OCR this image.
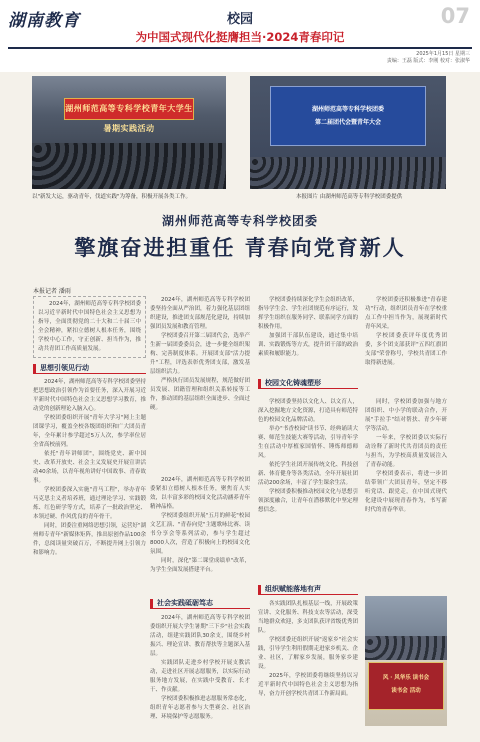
湖南教育	校园
为中国式现代化挺膺担当·2024青春印记
07
2025年1月15日 星期三
责编：王磊 版式：李刚 校对：张淑华
湖州师范高等专科学校青年大学生暑期实践活动
湖州师范高等专科学校团委
第二届团代会暨青年大会
以"新发大运，驱动青年，伐道实践"为筹备，积极开展各类工作。	本报图片 由湖州师范高等专科学校团委提供
湖州师范高等专科学校团委
擎旗奋进担重任 青春向党育新人
本报记者 潘雨

2024年，湖州师范高等专科学校团委以习近平新时代中国特色社会主义思想为指导，全面贯彻党的二十大和二十届三中全会精神，紧扣立德树人根本任务，围绕学校中心工作，守正创新、担当作为，推动共青团工作高质量发展。

思想引领见行动

2024年，湖州师范高等专科学校团委坚持把思想政治引领作为首要任务，深入开展习近平新时代中国特色社会主义思想学习教育，推动党的创新理论入脑入心。

学校团委组织开展"青年大学习"网上主题团课学习，覆盖全校各级团组织和广大团员青年，全年累计参学超过5万人次，参学率位居全省高校前列。

依托"青年讲师团"，围绕党史、新中国史、改革开放史、社会主义发展史开展宣讲活动40余场，以青年视角讲好中国故事、青春故事。

学校团委深入实施"青马工程"，举办青年马克思主义者培养班，通过理论学习、实践锻炼、红色研学等方式，培养了一批政治坚定、本领过硬、作风优良的青年骨干。

同时，团委注重网络思想引领，运营好"湖州师专青年"新媒体矩阵，推出原创作品100余件，总阅读量突破百万，不断提升网上引领力和影响力。

2024年，湖州师范高等专科学校团委坚持全面从严治团，着力强化基层团组织建设，推进团支部规范化建设，持续加强团员发展和教育管理。

学校团委召开第二届团代会，选举产生新一届团委委员会，进一步健全组织架构、完善制度体系。开展团支部"活力提升"工程，评选表彰优秀团支部，激发基层组织活力。

严格执行团员发展规程，规范做好团员发展、团籍管理和组织关系转接等工作，推动团的基层组织全面进步、全面过硬。

2024年，湖州师范高等专科学校团委紧扣立德树人根本任务，聚焦育人实效，以丰富多彩的校园文化活动涵养青年精神品格。

学校团委组织开展"五月的鲜花"校园文艺汇演、"青春向党"主题歌咏比赛、读书分享会等系列活动，参与学生超过8000人次，营造了积极向上的校园文化氛围。

同时，深化"第二课堂成绩单"改革，为学生全面发展搭建平台。

社会实践砥砺笃志

2024年，湖州师范高等专科学校团委组织开展大学生暑期"三下乡"社会实践活动，组建实践团队30余支，围绕乡村振兴、理论宣讲、教育帮扶等主题深入基层。

实践团队走进乡村学校开展支教活动，走进社区开展志愿服务，以实际行动服务地方发展，在实践中受教育、长才干、作贡献。

学校团委积极推进志愿服务常态化，组织青年志愿者参与大型赛会、社区治理、环境保护等志愿服务。

学校团委持续深化学生会组织改革，指导学生会、学生社团规范有序运行，发挥学生组织在服务同学、联系同学方面的积极作用。

加强团干部队伍建设，通过集中培训、实践锻炼等方式，提升团干部的政治素质和履职能力。

校园文化铸魂塑形

学校团委坚持以文化人、以文育人，深入挖掘地方文化资源，打造具有师范特色的校园文化品牌活动。

举办"书香校园"读书节、经典诵读大赛、师范生技能大赛等活动，引导青年学生在活动中厚植家国情怀、锤炼师德师风。

依托学生社团开展传统文化、科技创新、体育健身等各类活动，全年开展社团活动200余场，丰富了学生课余生活。

学校团委积极推动校园文化与思想引领深度融合，让青年在潜移默化中坚定理想信念。

组织赋能落地有声

各实践团队扎根基层一线，开展政策宣讲、文化服务、科技支农等活动，深受当地群众欢迎，多支团队获评省级优秀团队。

学校团委还组织开展"返家乡"社会实践，引导学生利用假期走进家乡机关、企业、社区，了解家乡发展，服务家乡建设。

2025年，学校团委将继续坚持以习近平新时代中国特色社会主义思想为指导，奋力开创学校共青团工作新局面。

学校团委还积极推进"青春建功"行动，组织团员青年在学校重点工作中担当作为，展现新时代青年风采。

学校团委获评年度优秀团委，多个团支部获评"五四红旗团支部"荣誉称号，学校共青团工作取得新进展。

同时，学校团委加强与地方团组织、中小学的联动合作，开展"手拉手"结对帮扶、青少年研学等活动。

一年来，学校团委以实际行动诠释了新时代共青团员的责任与担当，为学校高质量发展注入了青春动能。

学校团委表示，将进一步团结带领广大团员青年，坚定不移听党话、跟党走，在中国式现代化建设中展现青春作为，书写新时代的青春华章。

风 · 风华乐 读书会
读书会 活动
